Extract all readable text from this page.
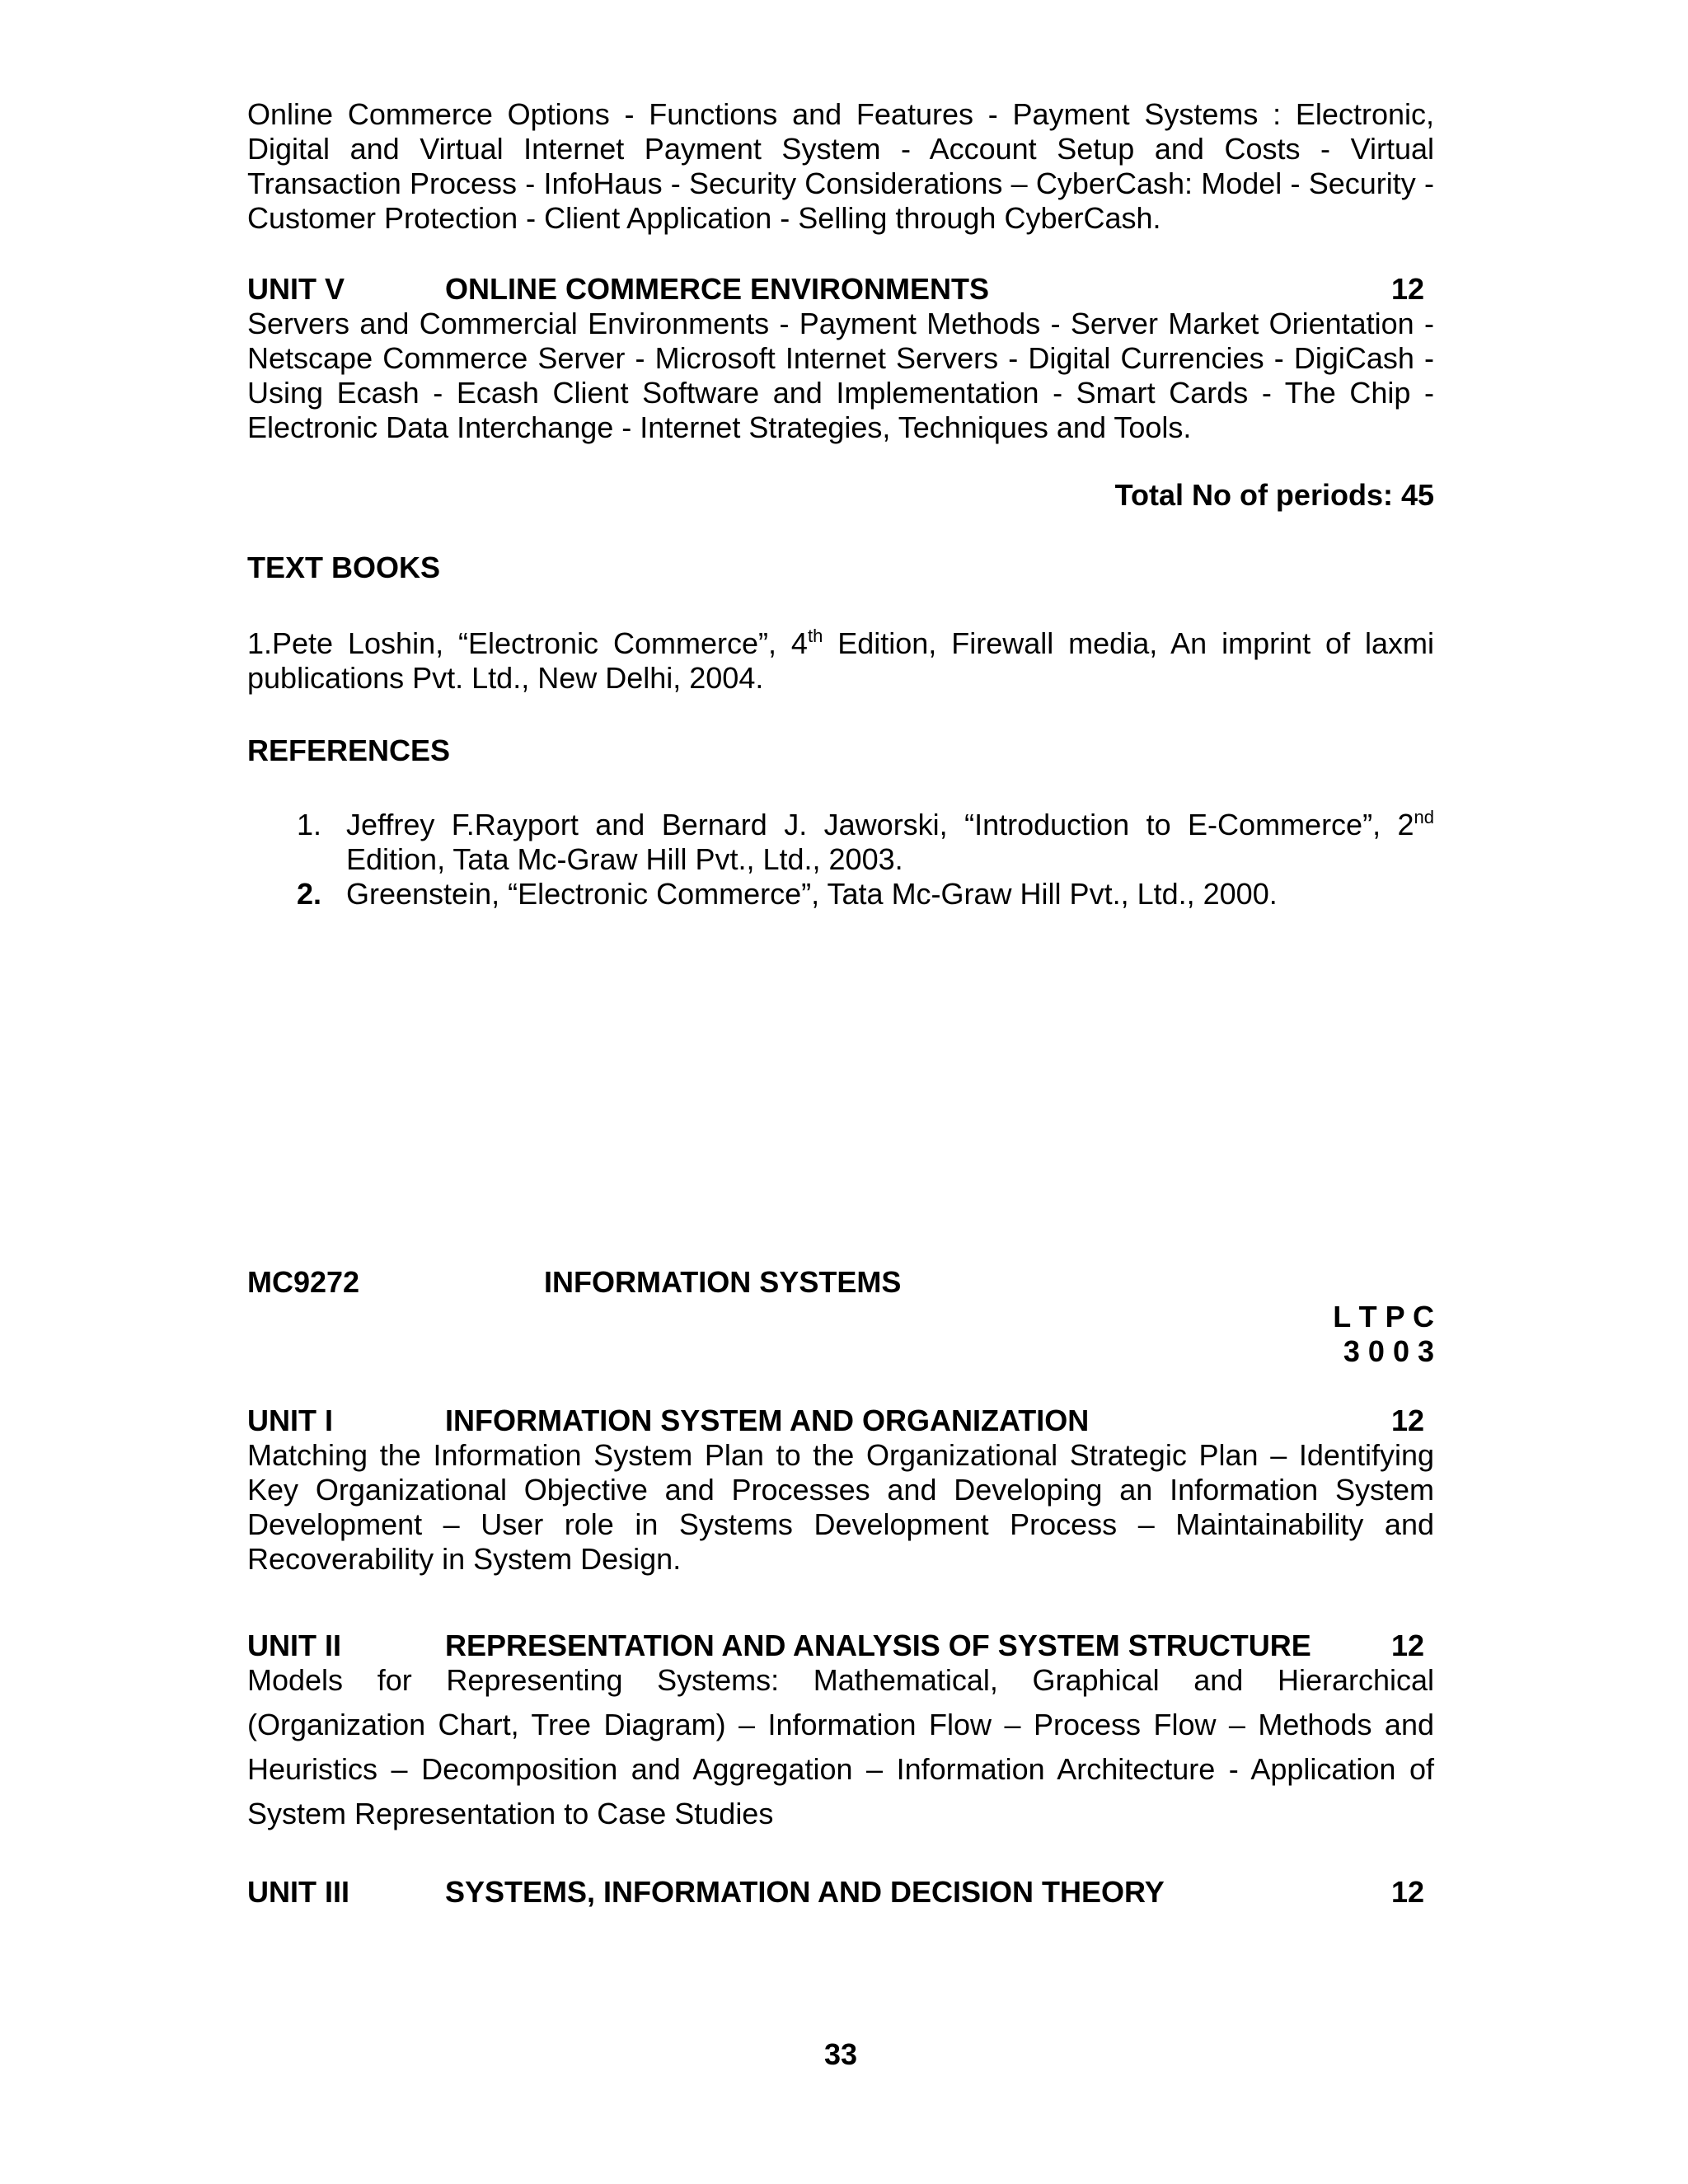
Online Commerce Options - Functions and Features - Payment Systems : Electronic, Digital and Virtual Internet Payment System - Account Setup and Costs - Virtual Transaction Process - InfoHaus - Security Considerations – CyberCash: Model - Security - Customer Protection - Client Application - Selling through CyberCash.

UNIT V	ONLINE COMMERCE ENVIRONMENTS	12

Servers and Commercial Environments - Payment Methods - Server Market Orientation - Netscape Commerce Server - Microsoft Internet Servers - Digital Currencies - DigiCash - Using Ecash - Ecash Client Software and Implementation - Smart Cards - The Chip - Electronic Data Interchange - Internet Strategies, Techniques and Tools.

Total No of periods: 45
TEXT BOOKS

1.Pete Loshin, “Electronic Commerce”, 4th Edition, Firewall media, An imprint of laxmi publications Pvt. Ltd., New Delhi, 2004.

REFERENCES
1. Jeffrey F.Rayport and Bernard J. Jaworski, “Introduction to E-Commerce”, 2nd Edition, Tata Mc-Graw Hill Pvt., Ltd., 2003.
2. Greenstein, “Electronic Commerce”, Tata Mc-Graw Hill Pvt., Ltd., 2000.
MC9272	INFORMATION SYSTEMS
L T P C
3 0 0 3
UNIT I	INFORMATION SYSTEM AND ORGANIZATION	12

Matching the Information System Plan to the Organizational Strategic Plan – Identifying Key Organizational Objective and Processes and Developing an Information System Development – User role in Systems Development Process – Maintainability and Recoverability in System Design.

UNIT II	REPRESENTATION AND ANALYSIS OF SYSTEM STRUCTURE	12

Models for Representing Systems: Mathematical, Graphical and Hierarchical (Organization Chart, Tree Diagram) – Information Flow – Process Flow – Methods and Heuristics – Decomposition and Aggregation – Information Architecture - Application of System Representation to Case Studies

UNIT III	SYSTEMS, INFORMATION AND DECISION THEORY	12
33
